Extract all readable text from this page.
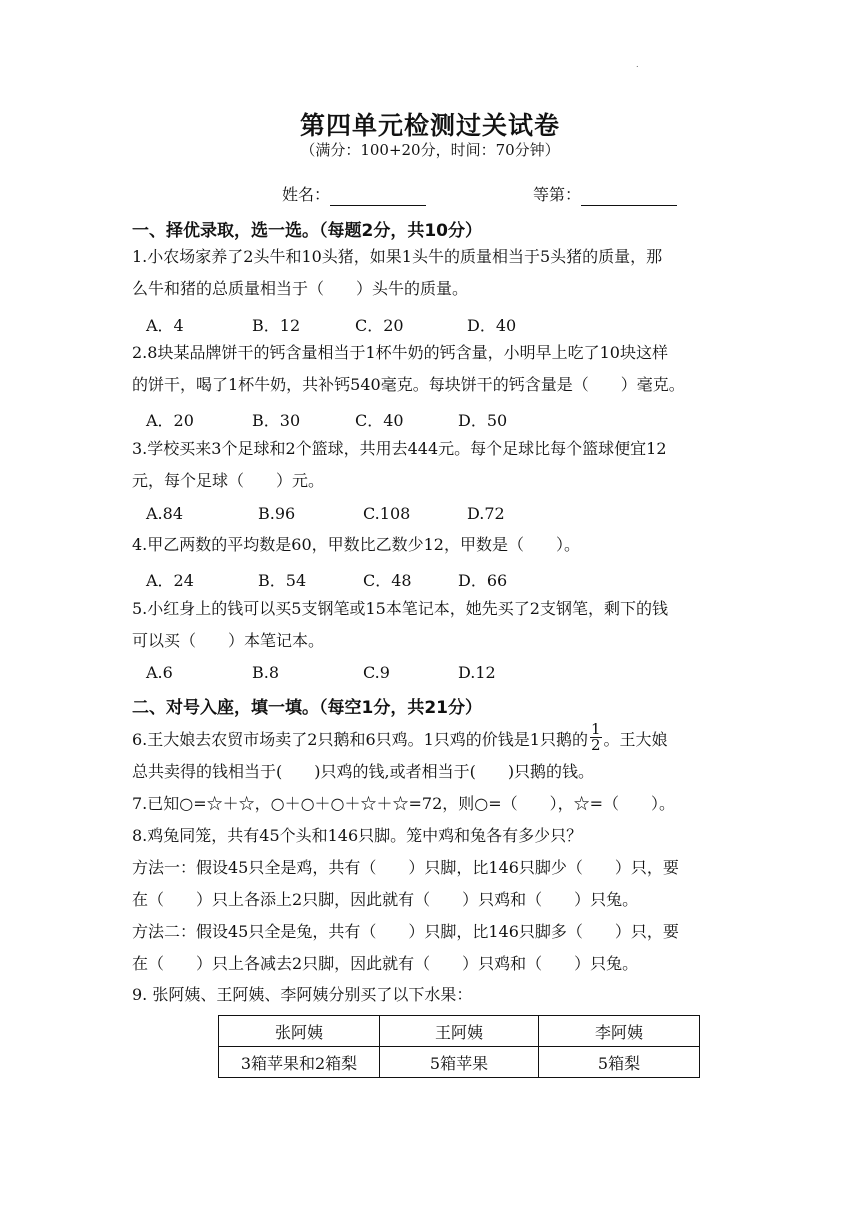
.
第四单元检测过关试卷
（满分：100+20分，时间：70分钟）
姓名：	等第：
一、择优录取，选一选。（每题2分，共10分）
1.小农场家养了2头牛和10头猪，如果1头牛的质量相当于5头猪的质量，那
么牛和猪的总质量相当于（　　）头牛的质量。
A．4	B．12	C．20	D．40
2.8块某品牌饼干的钙含量相当于1杯牛奶的钙含量，小明早上吃了10块这样
的饼干，喝了1杯牛奶，共补钙540毫克。每块饼干的钙含量是（　　）毫克。
A．20	B．30	C．40	D．50
3.学校买来3个足球和2个篮球，共用去444元。每个足球比每个篮球便宜12
元，每个足球（　　）元。
A.84	B.96	C.108	D.72
4.甲乙两数的平均数是60，甲数比乙数少12，甲数是（　　）。
A．24	B．54	C．48	D．66
5.小红身上的钱可以买5支钢笔或15本笔记本，她先买了2支钢笔，剩下的钱
可以买（　　）本笔记本。
A.6	B.8	C.9	D.12
二、对号入座，填一填。（每空1分，共21分）
6.王大娘去农贸市场卖了2只鹅和6只鸡。1只鸡的价钱是1只鹅的 $\frac{1}{2}$ 。王大娘
总共卖得的钱相当于(　　)只鸡的钱,或者相当于(　　)只鹅的钱。
7.已知○=☆＋☆，○＋○＋○＋☆＋☆=72，则○=（　　），☆=（　　）。
8.鸡兔同笼，共有45个头和146只脚。笼中鸡和兔各有多少只？
方法一：假设45只全是鸡，共有（　　）只脚，比146只脚少（　　）只，要
在（　　）只上各添上2只脚，因此就有（　　）只鸡和（　　）只兔。
方法二：假设45只全是兔，共有（　　）只脚，比146只脚多（　　）只，要
在（　　）只上各减去2只脚，因此就有（　　）只鸡和（　　）只兔。
9. 张阿姨、王阿姨、李阿姨分别买了以下水果：
张阿姨	王阿姨	李阿姨
3箱苹果和2箱梨	5箱苹果	5箱梨
